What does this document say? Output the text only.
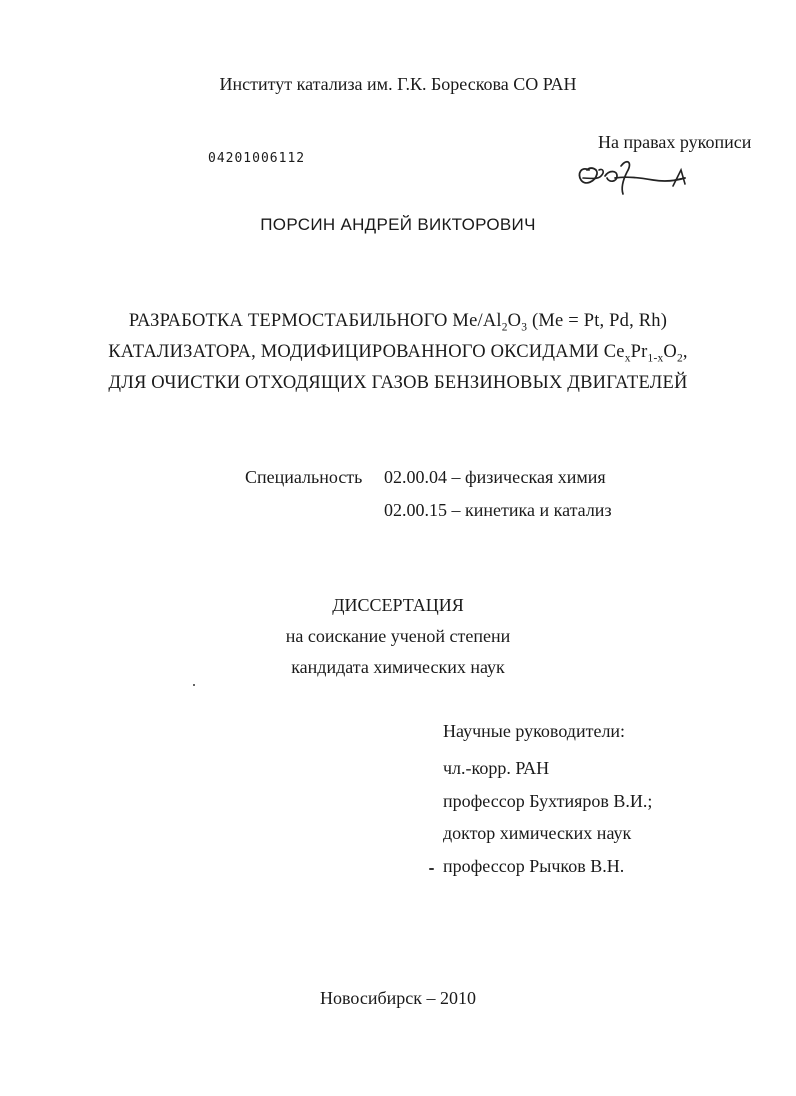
Институт катализа им. Г.К. Борескова СО РАН
На правах рукописи
04201006112
ПОРСИН АНДРЕЙ ВИКТОРОВИЧ
РАЗРАБОТКА ТЕРМОСТАБИЛЬНОГО $Me/Al_2O_3$ (Me = Pt, Pd, Rh)
КАТАЛИЗАТОРА, МОДИФИЦИРОВАННОГО ОКСИДАМИ $Ce_xPr_{1-x}O_2$,
ДЛЯ ОЧИСТКИ ОТХОДЯЩИХ ГАЗОВ БЕНЗИНОВЫХ ДВИГАТЕЛЕЙ
Специальность 02.00.04 – физическая химия
02.00.15 – кинетика и катализ
ДИССЕРТАЦИЯ
на соискание ученой степени
кандидата химических наук
Научные руководители:
чл.-корр. РАН
профессор Бухтияров В.И.;
доктор химических наук
профессор Рычков В.Н.
Новосибирск – 2010
